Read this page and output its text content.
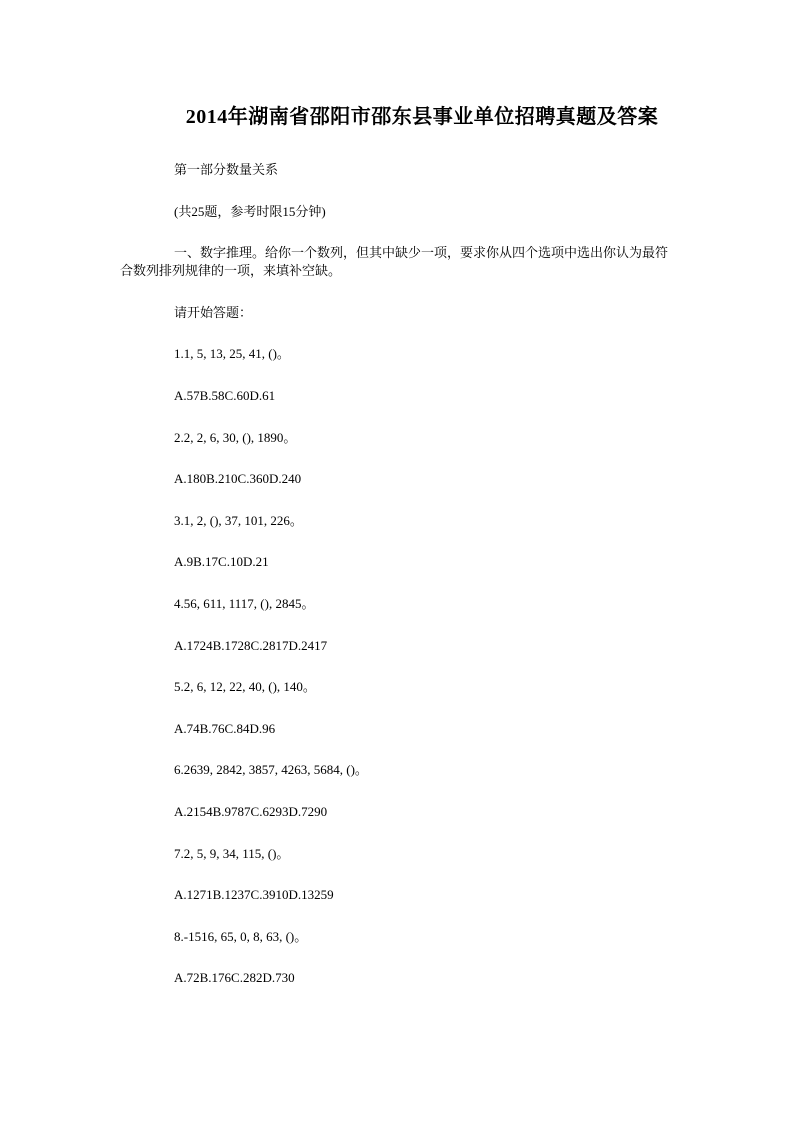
2014年湖南省邵阳市邵东县事业单位招聘真题及答案

第一部分数量关系

(共25题，参考时限15分钟)

一、数字推理。给你一个数列，但其中缺少一项，要求你从四个选项中选出你认为最符合数列排列规律的一项，来填补空缺。

请开始答题：

1.1, 5, 13, 25, 41, ()。

A.57B.58C.60D.61

2.2, 2, 6, 30, (), 1890。

A.180B.210C.360D.240

3.1, 2, (), 37, 101, 226。

A.9B.17C.10D.21

4.56, 611, 1117, (), 2845。

A.1724B.1728C.2817D.2417

5.2, 6, 12, 22, 40, (), 140。

A.74B.76C.84D.96

6.2639, 2842, 3857, 4263, 5684, ()。

A.2154B.9787C.6293D.7290

7.2, 5, 9, 34, 115, ()。

A.1271B.1237C.3910D.13259

8.-1516, 65, 0, 8, 63, ()。

A.72B.176C.282D.730
